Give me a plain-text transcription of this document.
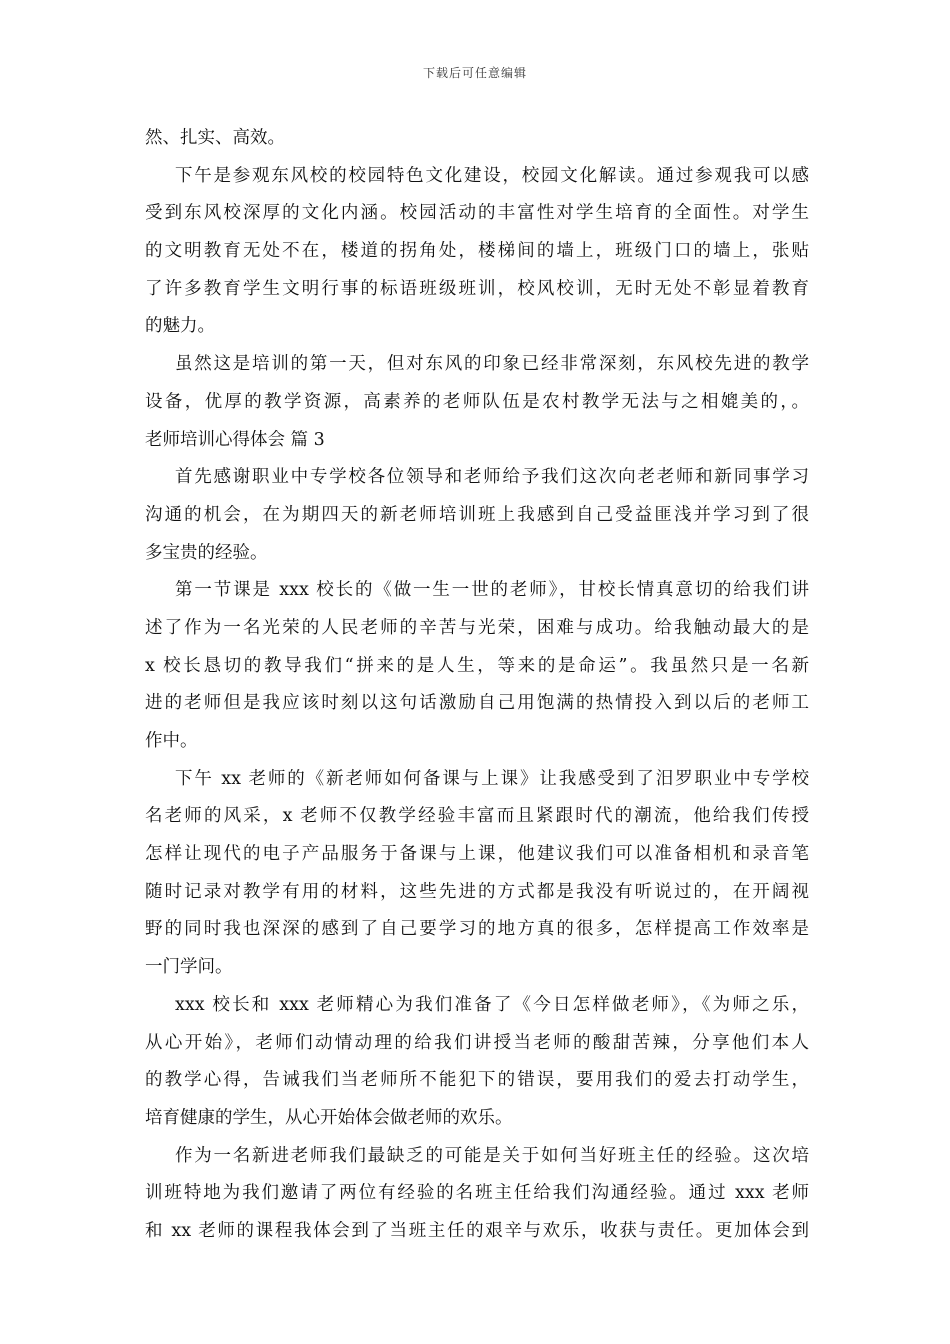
下载后可任意编辑
然、扎实、高效。
下午是参观东风校的校园特色文化建设，校园文化解读。通过参观我可以感
受到东风校深厚的文化内涵。校园活动的丰富性对学生培育的全面性。对学生
的文明教育无处不在，楼道的拐角处，楼梯间的墙上，班级门口的墙上，张贴
了许多教育学生文明行事的标语班级班训，校风校训，无时无处不彰显着教育
的魅力。
虽然这是培训的第一天，但对东风的印象已经非常深刻，东风校先进的教学
设备，优厚的教学资源，高素养的老师队伍是农村教学无法与之相媲美的，。
老师培训心得体会 篇 3
首先感谢职业中专学校各位领导和老师给予我们这次向老老师和新同事学习
沟通的机会，在为期四天的新老师培训班上我感到自己受益匪浅并学习到了很
多宝贵的经验。
第一节课是 xxx 校长的《做一生一世的老师》，甘校长情真意切的给我们讲
述了作为一名光荣的人民老师的辛苦与光荣，困难与成功。给我触动最大的是
x 校长恳切的教导我们“拼来的是人生，等来的是命运”。我虽然只是一名新
进的老师但是我应该时刻以这句话激励自己用饱满的热情投入到以后的老师工
作中。
下午 xx 老师的《新老师如何备课与上课》让我感受到了汨罗职业中专学校
名老师的风采，x 老师不仅教学经验丰富而且紧跟时代的潮流，他给我们传授
怎样让现代的电子产品服务于备课与上课，他建议我们可以准备相机和录音笔
随时记录对教学有用的材料，这些先进的方式都是我没有听说过的，在开阔视
野的同时我也深深的感到了自己要学习的地方真的很多，怎样提高工作效率是
一门学问。
xxx 校长和 xxx 老师精心为我们准备了《今日怎样做老师》，《为师之乐，
从心开始》，老师们动情动理的给我们讲授当老师的酸甜苦辣，分享他们本人
的教学心得，告诫我们当老师所不能犯下的错误，要用我们的爱去打动学生，
培育健康的学生，从心开始体会做老师的欢乐。
作为一名新进老师我们最缺乏的可能是关于如何当好班主任的经验。这次培
训班特地为我们邀请了两位有经验的名班主任给我们沟通经验。通过 xxx 老师
和 xx 老师的课程我体会到了当班主任的艰辛与欢乐，收获与责任。更加体会到
